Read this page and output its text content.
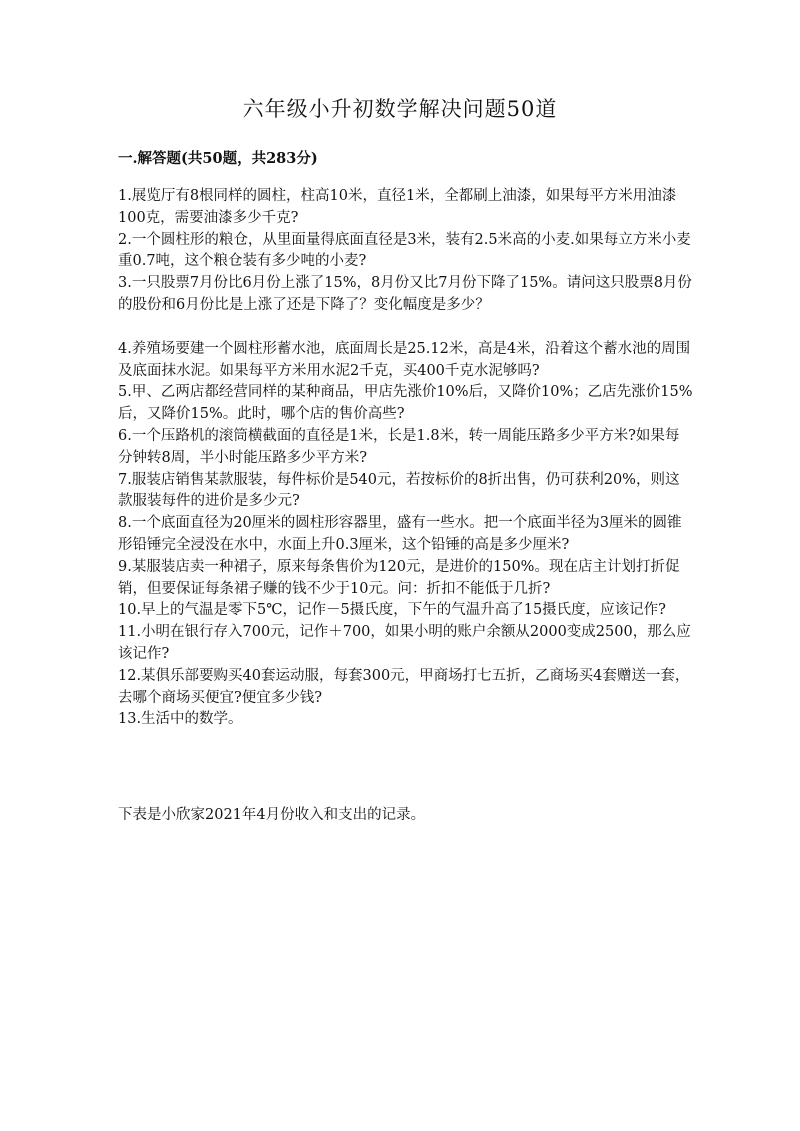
六年级小升初数学解决问题50道
一.解答题(共50题，共283分)
1.展览厅有8根同样的圆柱，柱高10米，直径1米，全都刷上油漆，如果每平方米用油漆100克，需要油漆多少千克?
2.一个圆柱形的粮仓，从里面量得底面直径是3米，装有2.5米高的小麦.如果每立方米小麦重0.7吨，这个粮仓装有多少吨的小麦?
3.一只股票7月份比6月份上涨了15%，8月份又比7月份下降了15%。请问这只股票8月份的股份和6月份比是上涨了还是下降了？变化幅度是多少？
4.养殖场要建一个圆柱形蓄水池，底面周长是25.12米，高是4米，沿着这个蓄水池的周围及底面抹水泥。如果每平方米用水泥2千克，买400千克水泥够吗?
5.甲、乙两店都经营同样的某种商品，甲店先涨价10%后，又降价10%；乙店先涨价15%后，又降价15%。此时，哪个店的售价高些?
6.一个压路机的滚筒横截面的直径是1米，长是1.8米，转一周能压路多少平方米?如果每分钟转8周，半小时能压路多少平方米?
7.服装店销售某款服装，每件标价是540元，若按标价的8折出售，仍可获利20%，则这款服装每件的进价是多少元?
8.一个底面直径为20厘米的圆柱形容器里，盛有一些水。把一个底面半径为3厘米的圆锥形铅锤完全浸没在水中，水面上升0.3厘米，这个铅锤的高是多少厘米?
9.某服装店卖一种裙子，原来每条售价为120元，是进价的150%。现在店主计划打折促销，但要保证每条裙子赚的钱不少于10元。问：折扣不能低于几折?
10.早上的气温是零下5℃，记作－5摄氏度，下午的气温升高了15摄氏度，应该记作?
11.小明在银行存入700元，记作＋700，如果小明的账户余额从2000变成2500，那么应该记作?
12.某俱乐部要购买40套运动服，每套300元，甲商场打七五折，乙商场买4套赠送一套，去哪个商场买便宜?便宜多少钱?
13.生活中的数学。

下表是小欣家2021年4月份收入和支出的记录。
